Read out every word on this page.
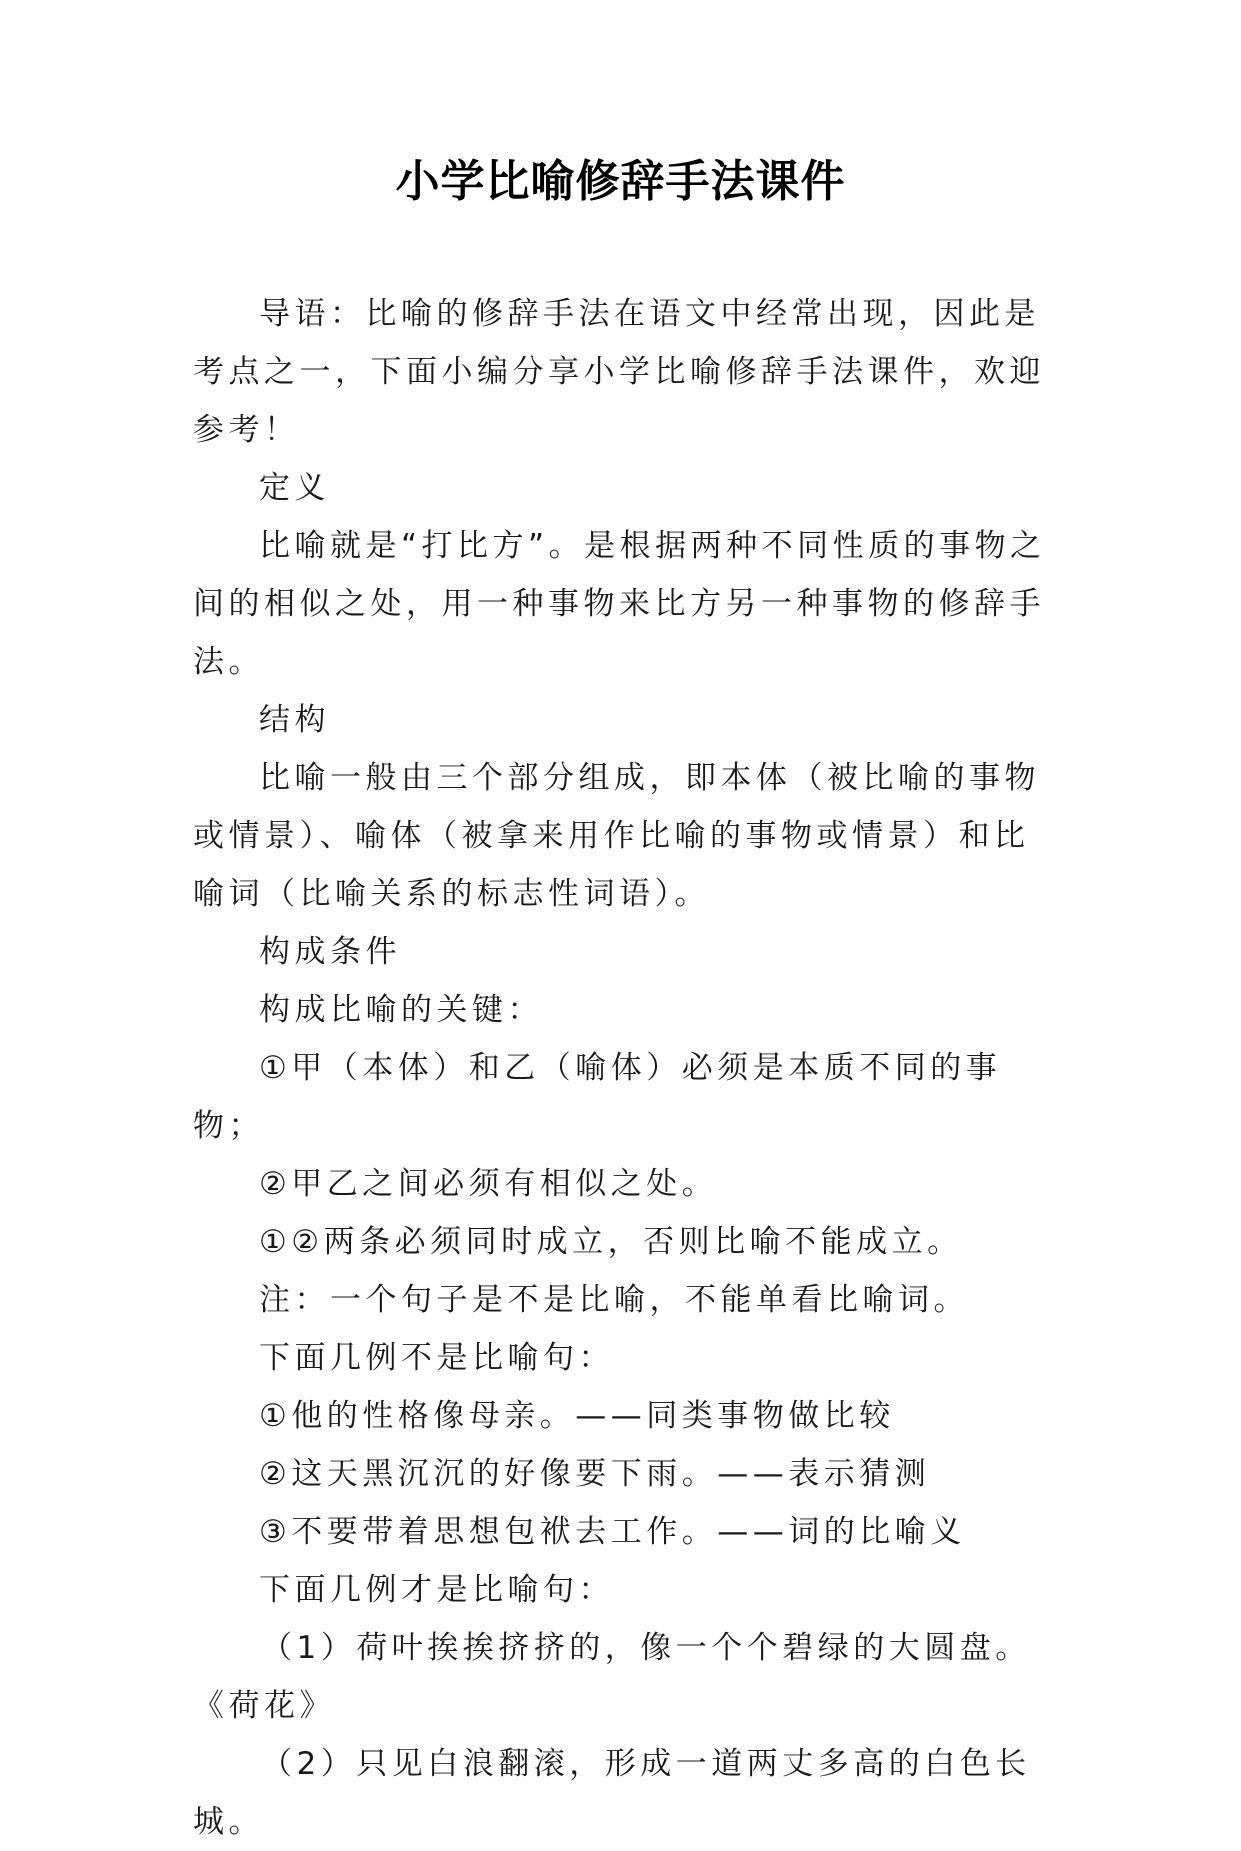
小学比喻修辞手法课件

导语：比喻的修辞手法在语文中经常出现，因此是考点之一，下面小编分享小学比喻修辞手法课件，欢迎参考！

定义

比喻就是“打比方”。是根据两种不同性质的事物之间的相似之处，用一种事物来比方另一种事物的修辞手法。

结构

比喻一般由三个部分组成，即本体（被比喻的事物或情景）、喻体（被拿来用作比喻的事物或情景）和比喻词（比喻关系的标志性词语）。

构成条件

构成比喻的关键：

①甲（本体）和乙（喻体）必须是本质不同的事物；

②甲乙之间必须有相似之处。

①②两条必须同时成立，否则比喻不能成立。

注：一个句子是不是比喻，不能单看比喻词。

下面几例不是比喻句：

①他的性格像母亲。——同类事物做比较

②这天黑沉沉的好像要下雨。——表示猜测

③不要带着思想包袱去工作。——词的比喻义

下面几例才是比喻句：

（1）荷叶挨挨挤挤的，像一个个碧绿的大圆盘。《荷花》

（2）只见白浪翻滚，形成一道两丈多高的白色长城。
